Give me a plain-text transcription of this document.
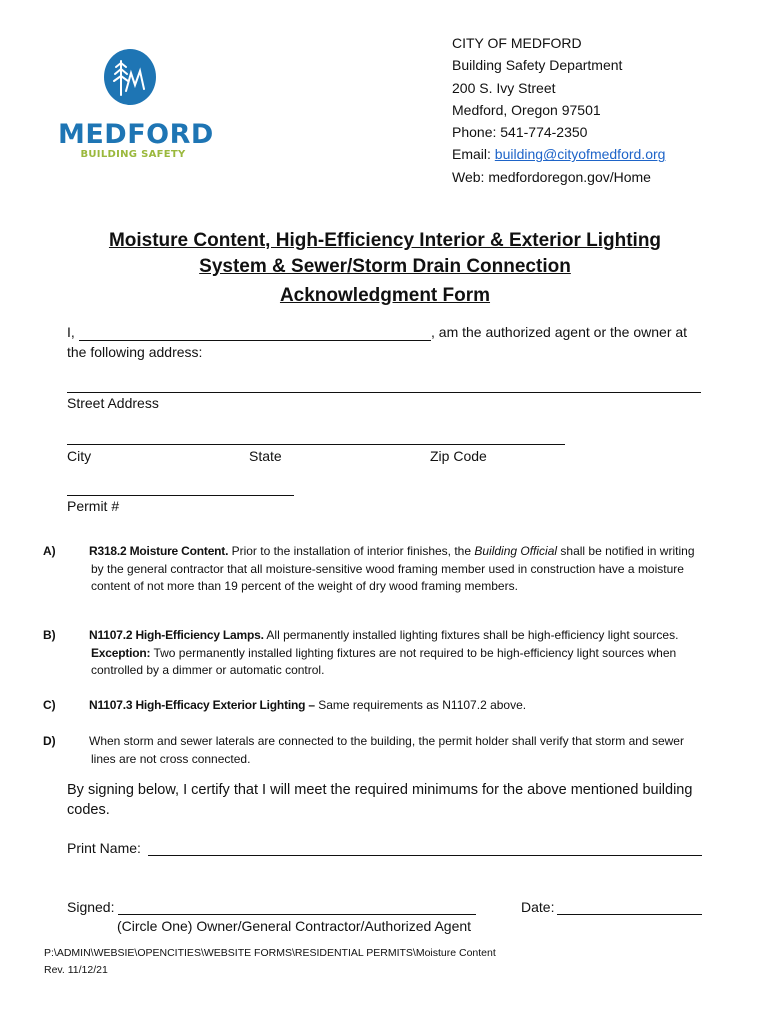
MEDFORD
BUILDING SAFETY
CITY OF MEDFORD
Building Safety Department
200 S. Ivy Street
Medford, Oregon 97501
Phone: 541-774-2350
Email: building@cityofmedford.org
Web: medfordoregon.gov/Home
Moisture Content, High-Efficiency Interior & Exterior Lighting
System & Sewer/Storm Drain Connection
Acknowledgment Form
I,	, am the authorized agent or the owner at
the following address:
Street Address
City	State	Zip Code
Permit #
A)	R318.2 Moisture Content. Prior to the installation of interior finishes, the Building Official shall be notified in writing by the general contractor that all moisture-sensitive wood framing member used in construction have a moisture content of not more than 19 percent of the weight of dry wood framing members.
B)	N1107.2 High-Efficiency Lamps. All permanently installed lighting fixtures shall be high-efficiency light sources. Exception: Two permanently installed lighting fixtures are not required to be high-efficiency light sources when controlled by a dimmer or automatic control.
C)	N1107.3 High-Efficacy Exterior Lighting – Same requirements as N1107.2 above.
D)	When storm and sewer laterals are connected to the building, the permit holder shall verify that storm and sewer lines are not cross connected.
By signing below, I certify that I will meet the required minimums for the above mentioned building codes.
Print Name:
Signed:	Date:
(Circle One) Owner/General Contractor/Authorized Agent
P:\ADMIN\WEBSIE\OPENCITIES\WEBSITE FORMS\RESIDENTIAL PERMITS\Moisture Content
Rev. 11/12/21
